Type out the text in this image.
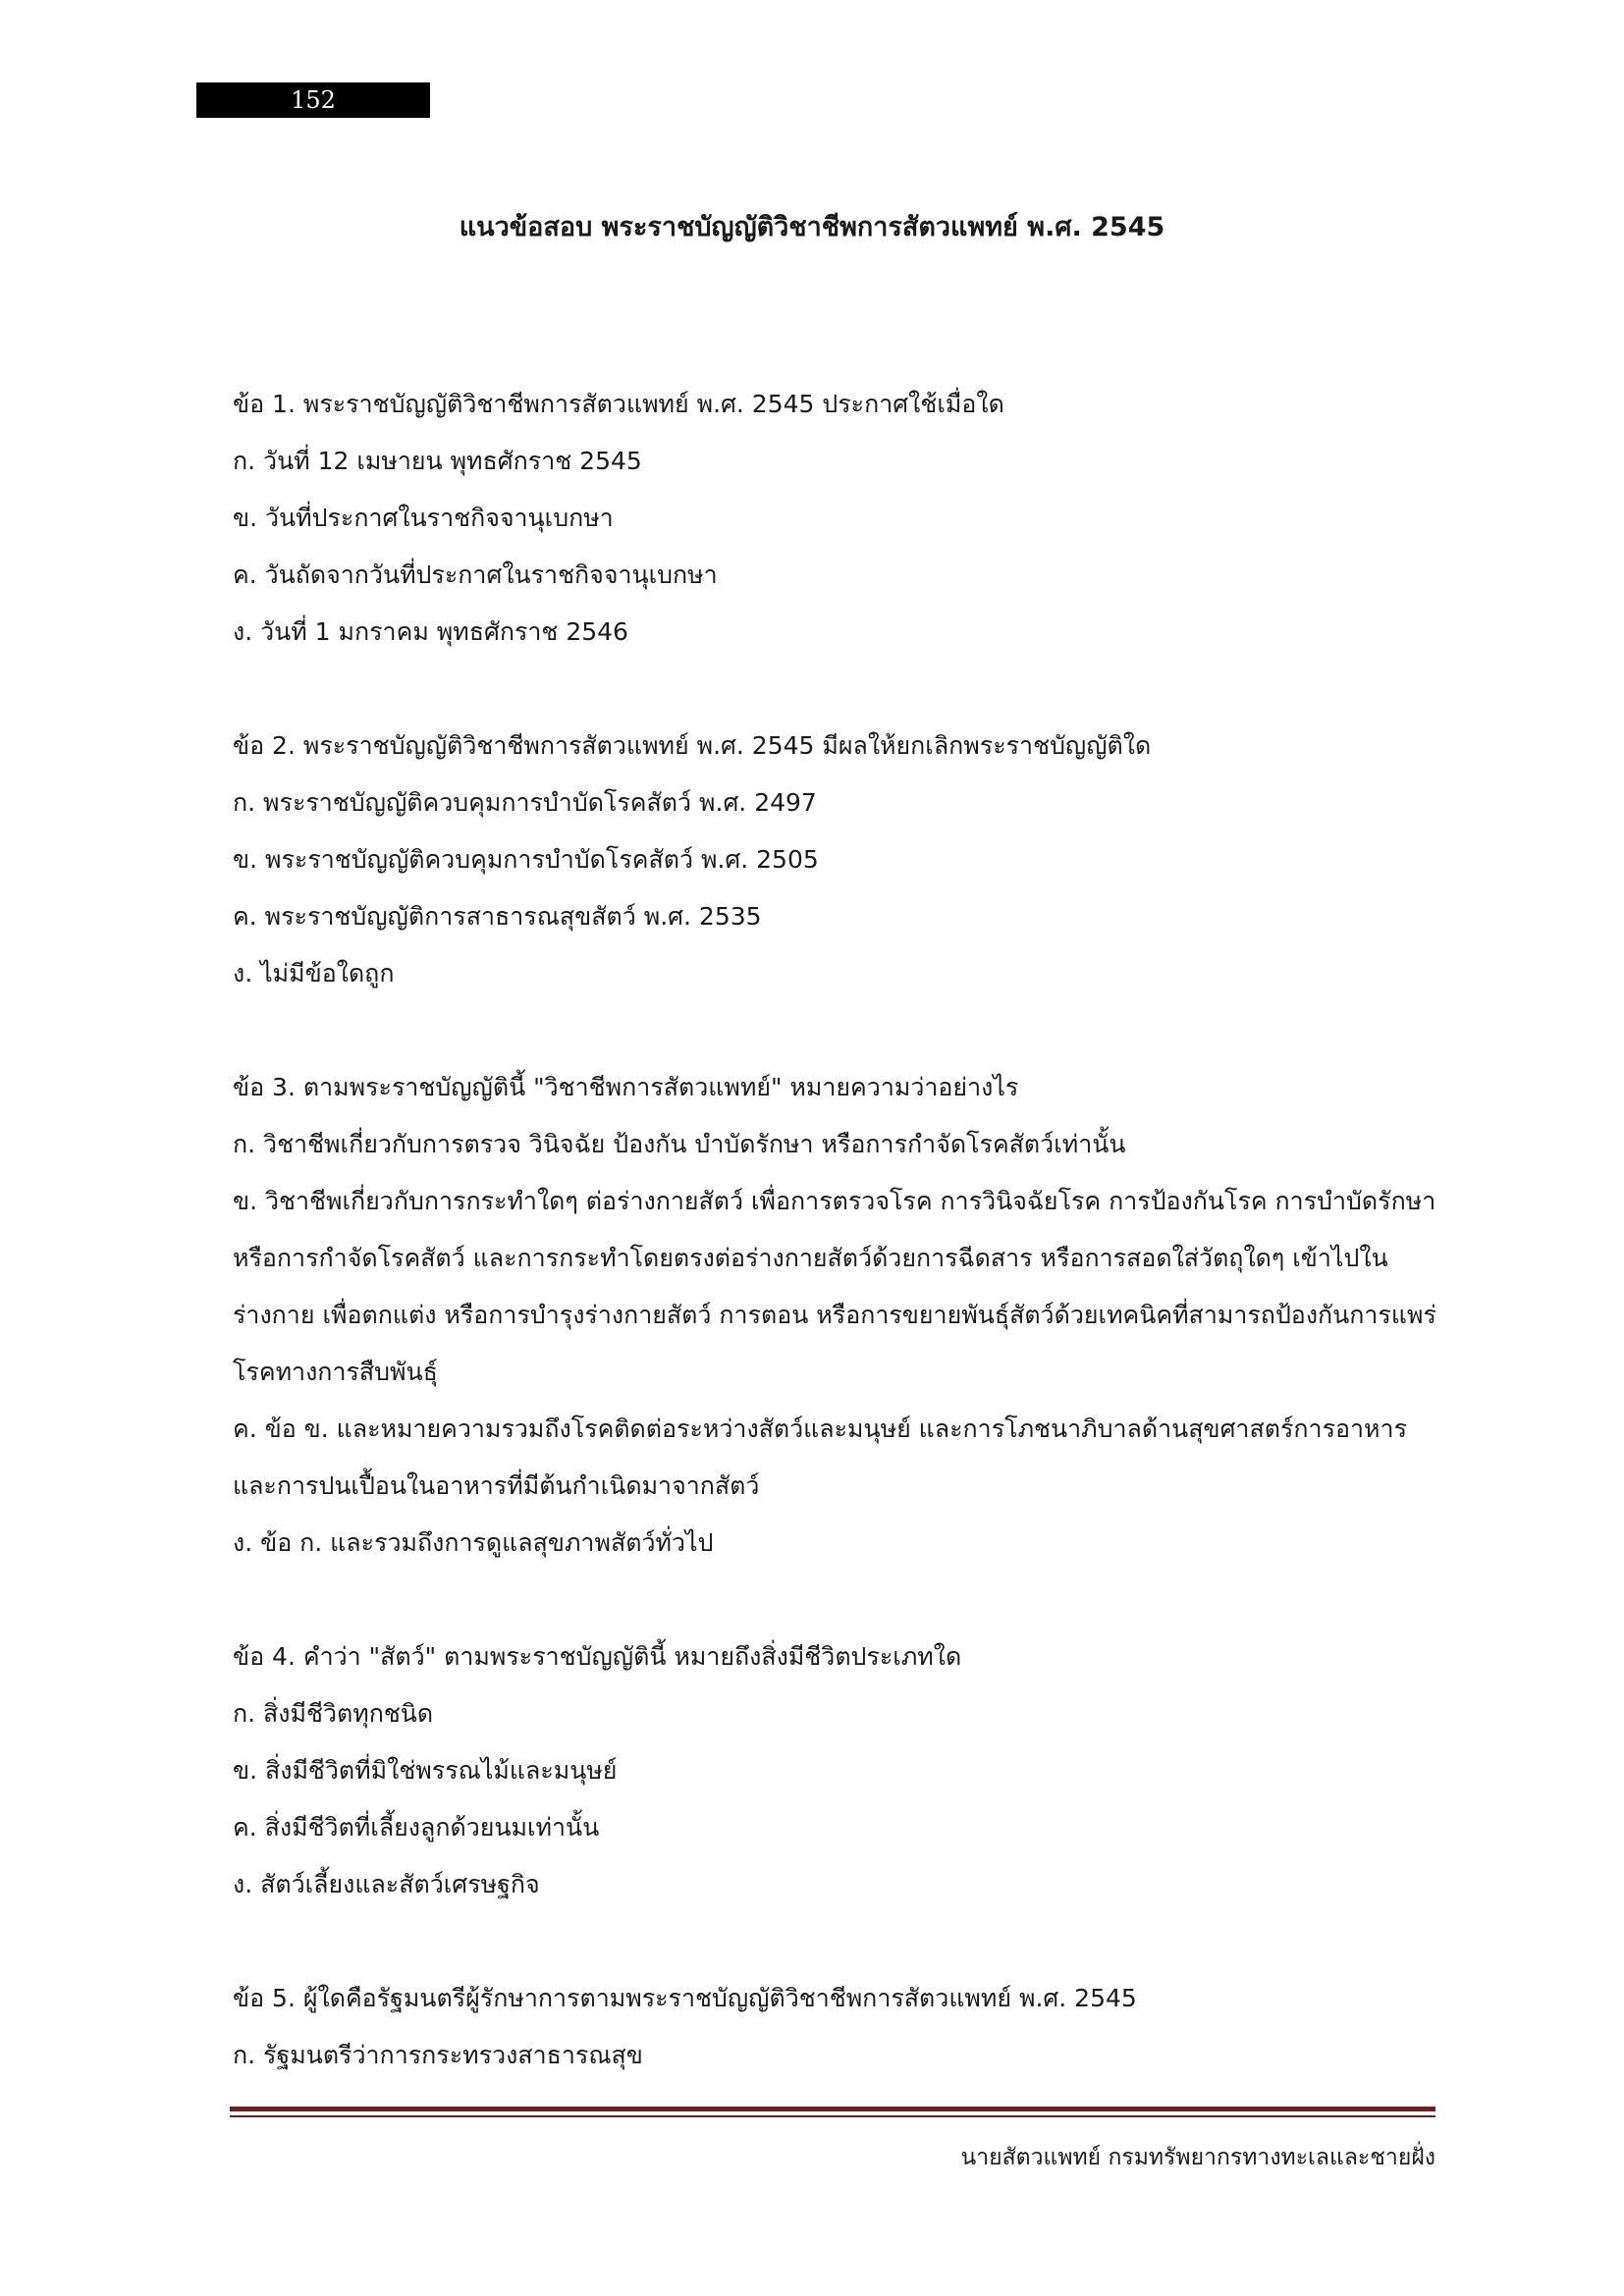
152
แนวข้อสอบ พระราชบัญญัติวิชาชีพการสัตวแพทย์ พ.ศ. 2545
ข้อ 1. พระราชบัญญัติวิชาชีพการสัตวแพทย์ พ.ศ. 2545 ประกาศใช้เมื่อใด
ก. วันที่ 12 เมษายน พุทธศักราช 2545
ข. วันที่ประกาศในราชกิจจานุเบกษา
ค. วันถัดจากวันที่ประกาศในราชกิจจานุเบกษา
ง. วันที่ 1 มกราคม พุทธศักราช 2546
ข้อ 2. พระราชบัญญัติวิชาชีพการสัตวแพทย์ พ.ศ. 2545 มีผลให้ยกเลิกพระราชบัญญัติใด
ก. พระราชบัญญัติควบคุมการบำบัดโรคสัตว์ พ.ศ. 2497
ข. พระราชบัญญัติควบคุมการบำบัดโรคสัตว์ พ.ศ. 2505
ค. พระราชบัญญัติการสาธารณสุขสัตว์ พ.ศ. 2535
ง. ไม่มีข้อใดถูก
ข้อ 3. ตามพระราชบัญญัตินี้ "วิชาชีพการสัตวแพทย์" หมายความว่าอย่างไร
ก. วิชาชีพเกี่ยวกับการตรวจ วินิจฉัย ป้องกัน บำบัดรักษา หรือการกำจัดโรคสัตว์เท่านั้น
ข. วิชาชีพเกี่ยวกับการกระทำใดๆ ต่อร่างกายสัตว์ เพื่อการตรวจโรค การวินิจฉัยโรค การป้องกันโรค การบำบัดรักษา หรือการกำจัดโรคสัตว์ และการกระทำโดยตรงต่อร่างกายสัตว์ด้วยการฉีดสาร หรือการสอดใส่วัตถุใดๆ เข้าไปในร่างกาย เพื่อตกแต่ง หรือการบำรุงร่างกายสัตว์ การตอน หรือการขยายพันธุ์สัตว์ด้วยเทคนิคที่สามารถป้องกันการแพร่โรคทางการสืบพันธุ์
ค. ข้อ ข. และหมายความรวมถึงโรคติดต่อระหว่างสัตว์และมนุษย์ และการโภชนาภิบาลด้านสุขศาสตร์การอาหารและการปนเปื้อนในอาหารที่มีต้นกำเนิดมาจากสัตว์
ง. ข้อ ก. และรวมถึงการดูแลสุขภาพสัตว์ทั่วไป
ข้อ 4. คำว่า "สัตว์" ตามพระราชบัญญัตินี้ หมายถึงสิ่งมีชีวิตประเภทใด
ก. สิ่งมีชีวิตทุกชนิด
ข. สิ่งมีชีวิตที่มิใช่พรรณไม้และมนุษย์
ค. สิ่งมีชีวิตที่เลี้ยงลูกด้วยนมเท่านั้น
ง. สัตว์เลี้ยงและสัตว์เศรษฐกิจ
ข้อ 5. ผู้ใดคือรัฐมนตรีผู้รักษาการตามพระราชบัญญัติวิชาชีพการสัตวแพทย์ พ.ศ. 2545
ก. รัฐมนตรีว่าการกระทรวงสาธารณสุข
นายสัตวแพทย์ กรมทรัพยากรทางทะเลและชายฝั่ง
